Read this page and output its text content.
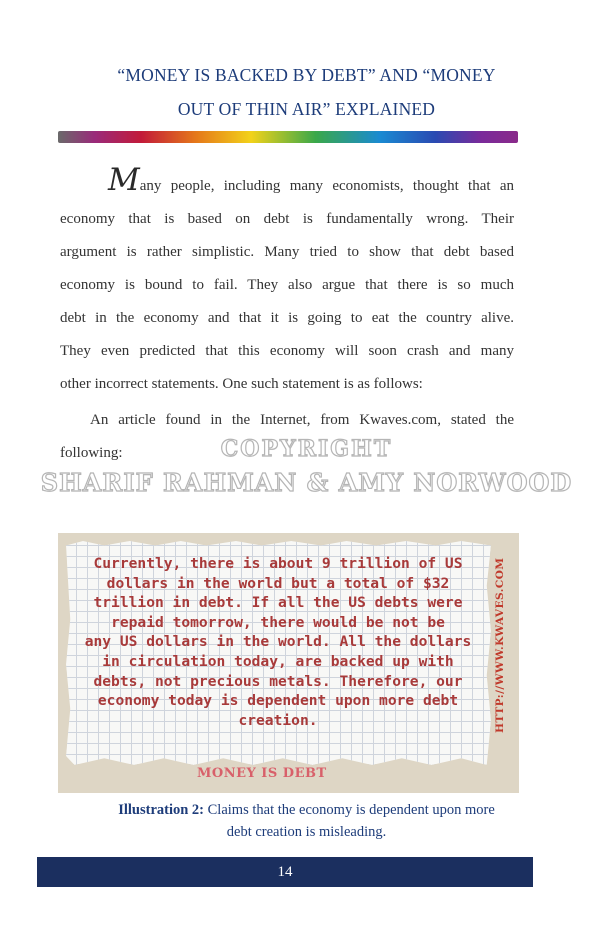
“MONEY IS BACKED BY DEBT” AND “MONEY
OUT OF THIN AIR” EXPLAINED
Many people, including many economists, thought that an
economy that is based on debt is fundamentally wrong. Their
argument is rather simplistic. Many tried to show that debt based
economy is bound to fail. They also argue that there is so much
debt in the economy and that it is going to eat the country alive.
They even predicted that this economy will soon crash and many
other incorrect statements. One such statement is as follows:
An article found in the Internet, from Kwaves.com, stated the
following:	COPYRIGHT
SHARIF RAHMAN & AMY NORWOOD
Currently, there is about 9 trillion of US
dollars in the world but a total of $32
trillion in debt. If all the US debts were
repaid tomorrow, there would be not be
any US dollars in the world. All the dollars
in circulation today, are backed up with
debts, not precious metals. Therefore, our
economy today is dependent upon more debt
creation.	HTTP://WWW.KWAVES.COM
MONEY IS DEBT
Illustration 2: Claims that the economy is dependent upon more
debt creation is misleading.
14
